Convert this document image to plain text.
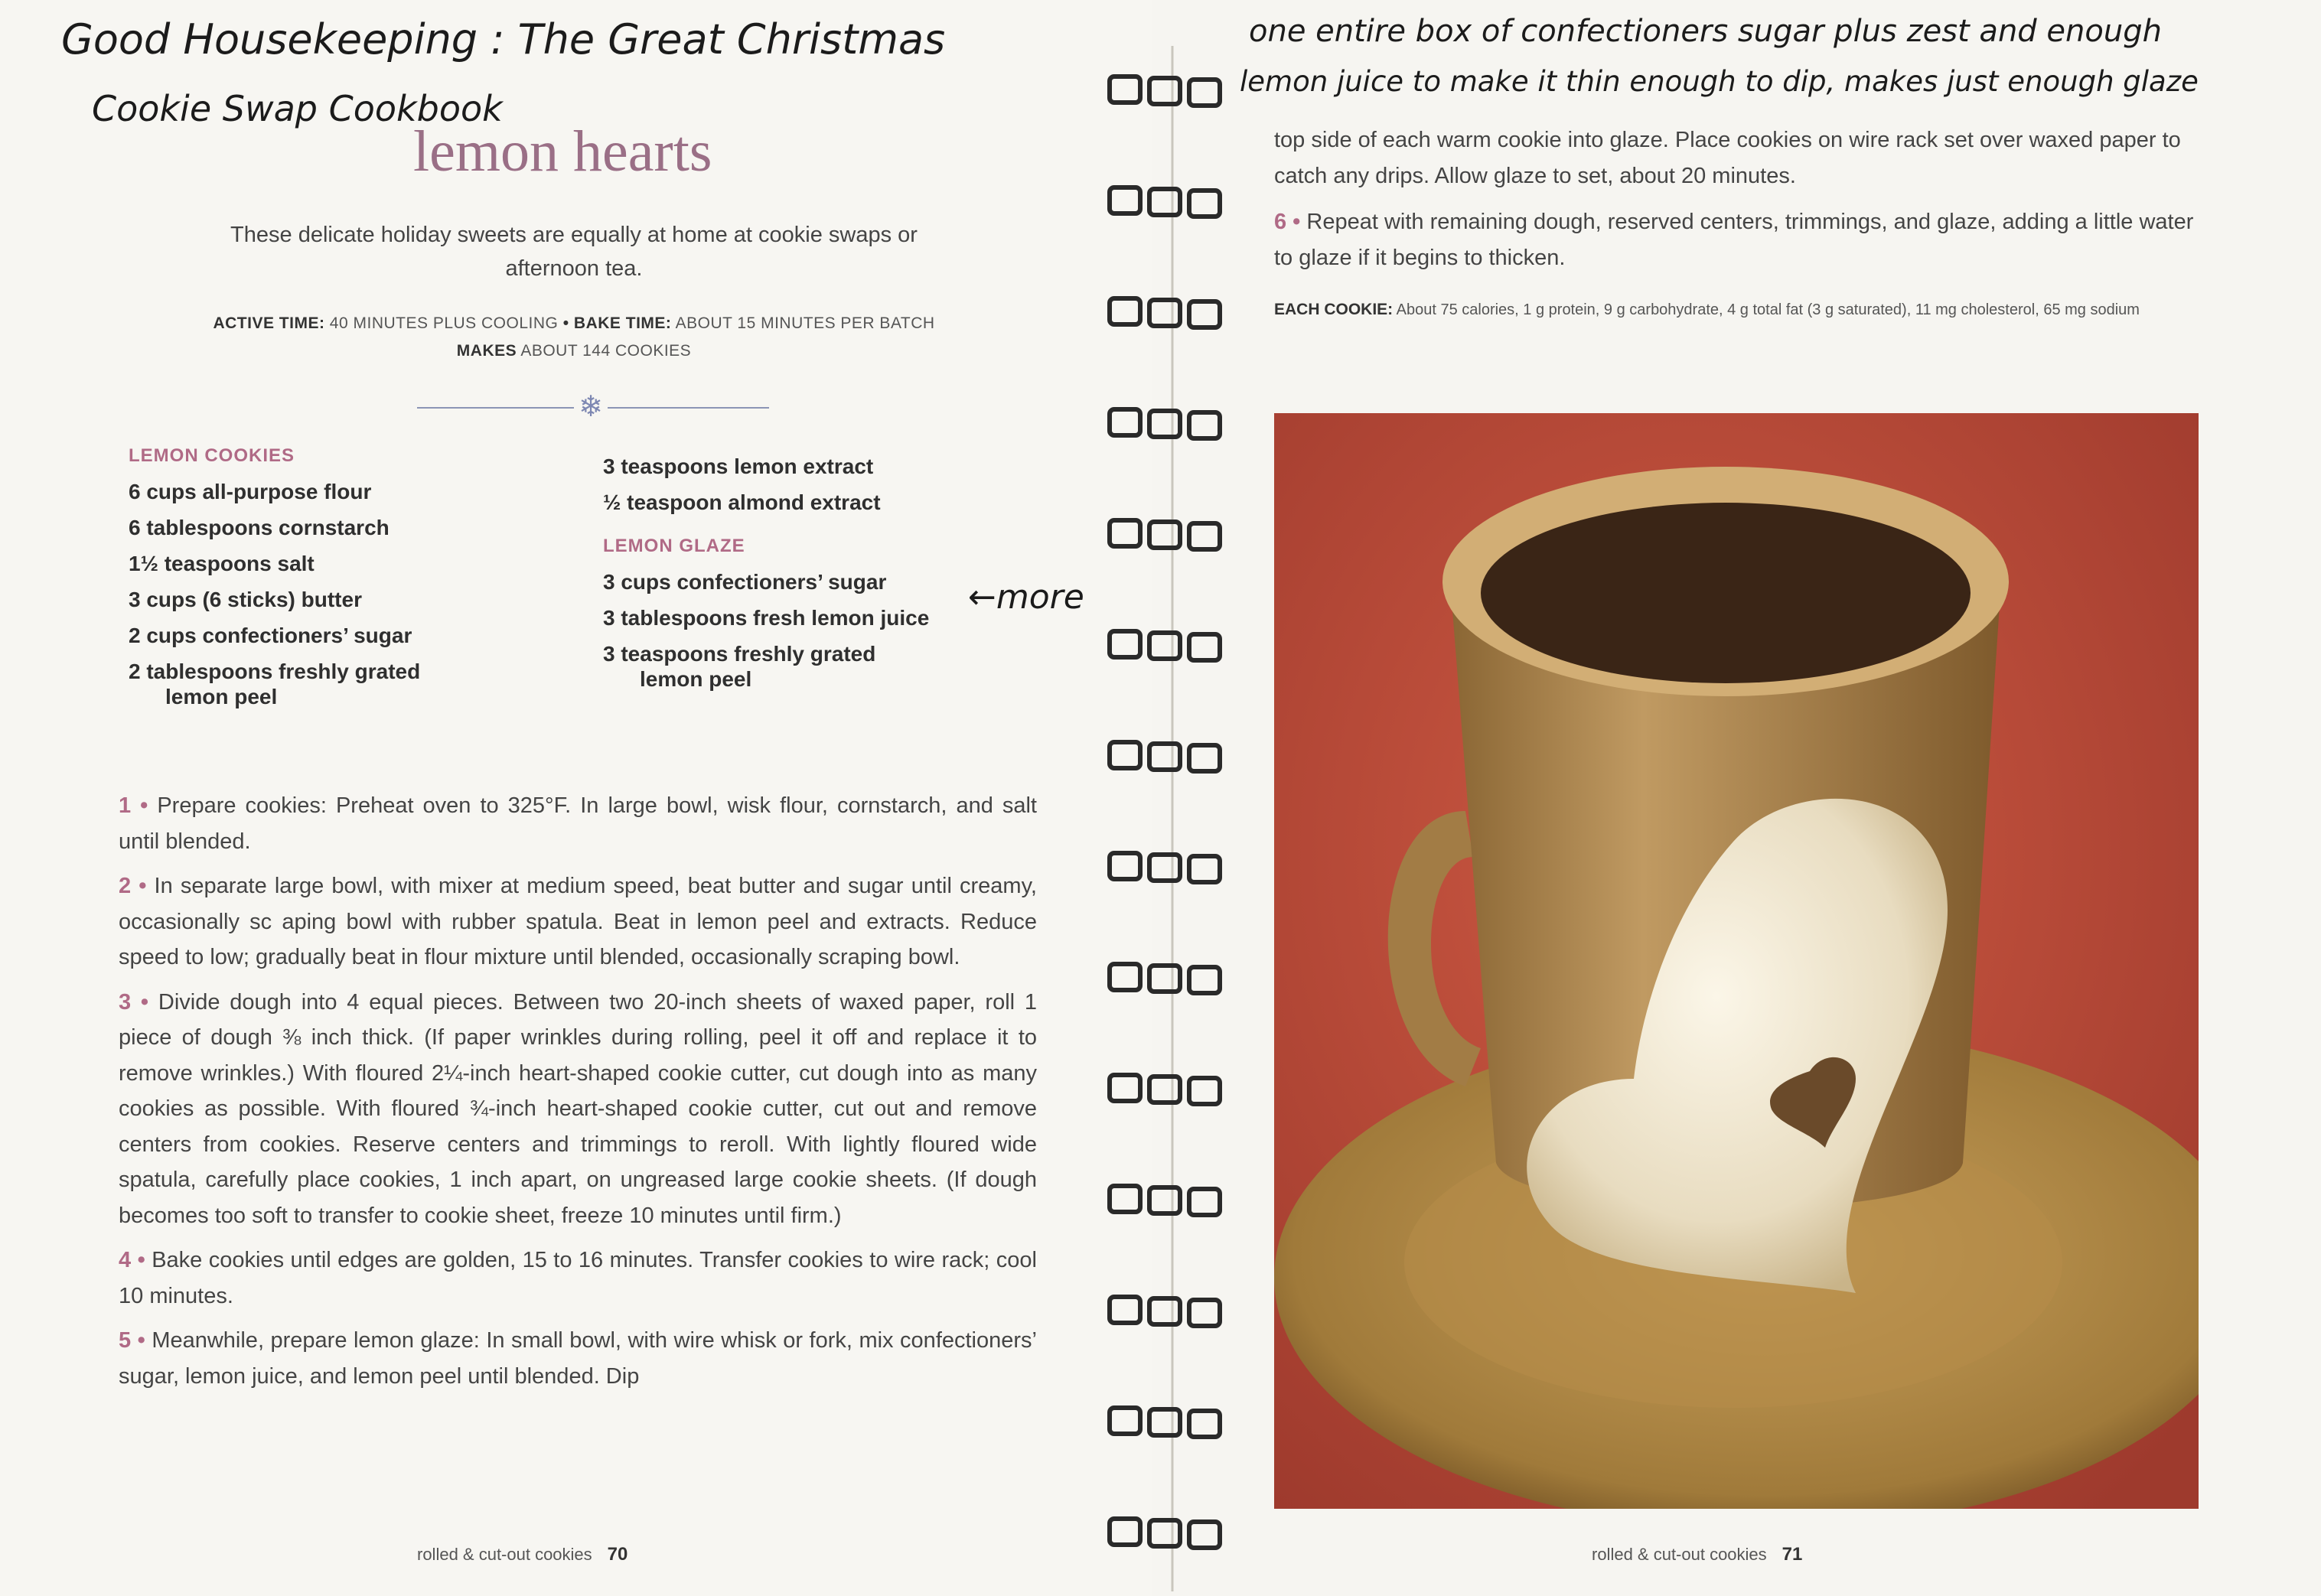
Good Housekeeping : The Great Christmas
Cookie Swap Cookbook
lemon hearts
These delicate holiday sweets are equally at home at cookie swaps or afternoon tea.
ACTIVE TIME: 40 MINUTES PLUS COOLING • BAKE TIME: ABOUT 15 MINUTES PER BATCH
MAKES ABOUT 144 COOKIES
❄
LEMON COOKIES
6 cups all-purpose flour
6 tablespoons cornstarch
1½ teaspoons salt
3 cups (6 sticks) butter
2 cups confectioners’ sugar
2 tablespoons freshly grated
lemon peel
3 teaspoons lemon extract
½ teaspoon almond extract
LEMON GLAZE
3 cups confectioners’ sugar
3 tablespoons fresh lemon juice
3 teaspoons freshly grated
lemon peel
←more

1 • Prepare cookies: Preheat oven to 325°F. In large bowl, wisk flour, cornstarch, and salt until blended.

2 • In separate large bowl, with mixer at medium speed, beat butter and sugar until creamy, occasionally sc aping bowl with rubber spatula. Beat in lemon peel and extracts. Reduce speed to low; gradually beat in flour mixture until blended, occasionally scraping bowl.

3 • Divide dough into 4 equal pieces. Between two 20-inch sheets of waxed paper, roll 1 piece of dough ⅜ inch thick. (If paper wrinkles during rolling, peel it off and replace it to remove wrinkles.) With floured 2¼-inch heart-shaped cookie cutter, cut dough into as many cookies as possible. With floured ¾-inch heart-shaped cookie cutter, cut out and remove centers from cookies. Reserve centers and trimmings to reroll. With lightly floured wide spatula, carefully place cookies, 1 inch apart, on ungreased large cookie sheets. (If dough becomes too soft to transfer to cookie sheet, freeze 10 minutes until firm.)

4 • Bake cookies until edges are golden, 15 to 16 minutes. Transfer cookies to wire rack; cool 10 minutes.

5 • Meanwhile, prepare lemon glaze: In small bowl, with wire whisk or fork, mix confectioners’ sugar, lemon juice, and lemon peel until blended. Dip

rolled & cut-out cookies 70
one entire box of confectioners sugar plus zest and enough
lemon juice to make it thin enough to dip, makes just enough glaze

top side of each warm cookie into glaze. Place cookies on wire rack set over waxed paper to catch any drips. Allow glaze to set, about 20 minutes.

6 • Repeat with remaining dough, reserved centers, trimmings, and glaze, adding a little water to glaze if it begins to thicken.

EACH COOKIE: About 75 calories, 1 g protein, 9 g carbohydrate, 4 g total fat (3 g saturated), 11 mg cholesterol, 65 mg sodium
rolled & cut-out cookies 71
